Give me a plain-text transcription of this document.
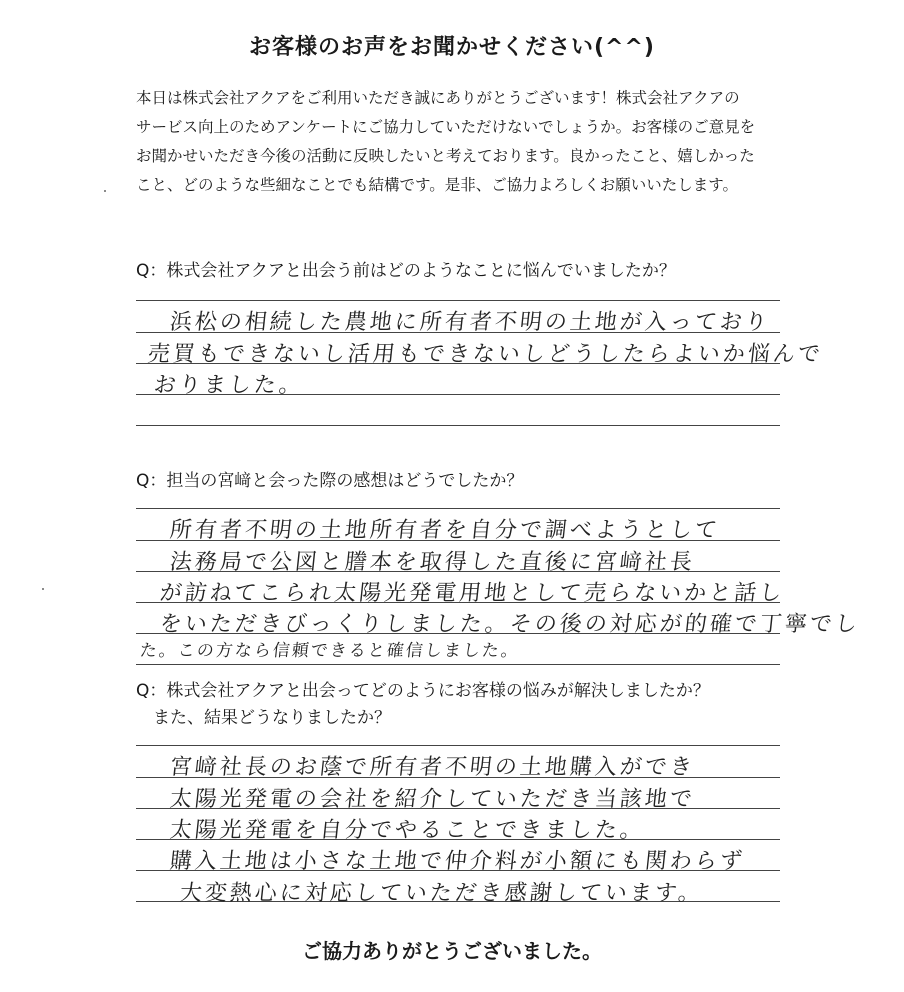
お客様のお声をお聞かせください(^^)
本日は株式会社アクアをご利用いただき誠にありがとうございます！株式会社アクアの
サービス向上のためアンケートにご協力していただけないでしょうか。お客様のご意見を
お聞かせいただき今後の活動に反映したいと考えております。良かったこと、嬉しかった
こと、どのような些細なことでも結構です。是非、ご協力よろしくお願いいたします。
Q：株式会社アクアと出会う前はどのようなことに悩んでいましたか？
浜松の相続した農地に所有者不明の土地が入っており
売買もできないし活用もできないしどうしたらよいか悩んで
おりました。
Q：担当の宮﨑と会った際の感想はどうでしたか？
所有者不明の土地所有者を自分で調べようとして
法務局で公図と謄本を取得した直後に宮﨑社長
が訪ねてこられ太陽光発電用地として売らないかと話し
をいただきびっくりしました。その後の対応が的確で丁寧でし
た。この方なら信頼できると確信しました。
Q：株式会社アクアと出会ってどのようにお客様の悩みが解決しましたか？
　また、結果どうなりましたか？
宮﨑社長のお蔭で所有者不明の土地購入ができ
太陽光発電の会社を紹介していただき当該地で
太陽光発電を自分でやることできました。
購入土地は小さな土地で仲介料が小額にも関わらず
大変熱心に対応していただき感謝しています。
ご協力ありがとうございました。
